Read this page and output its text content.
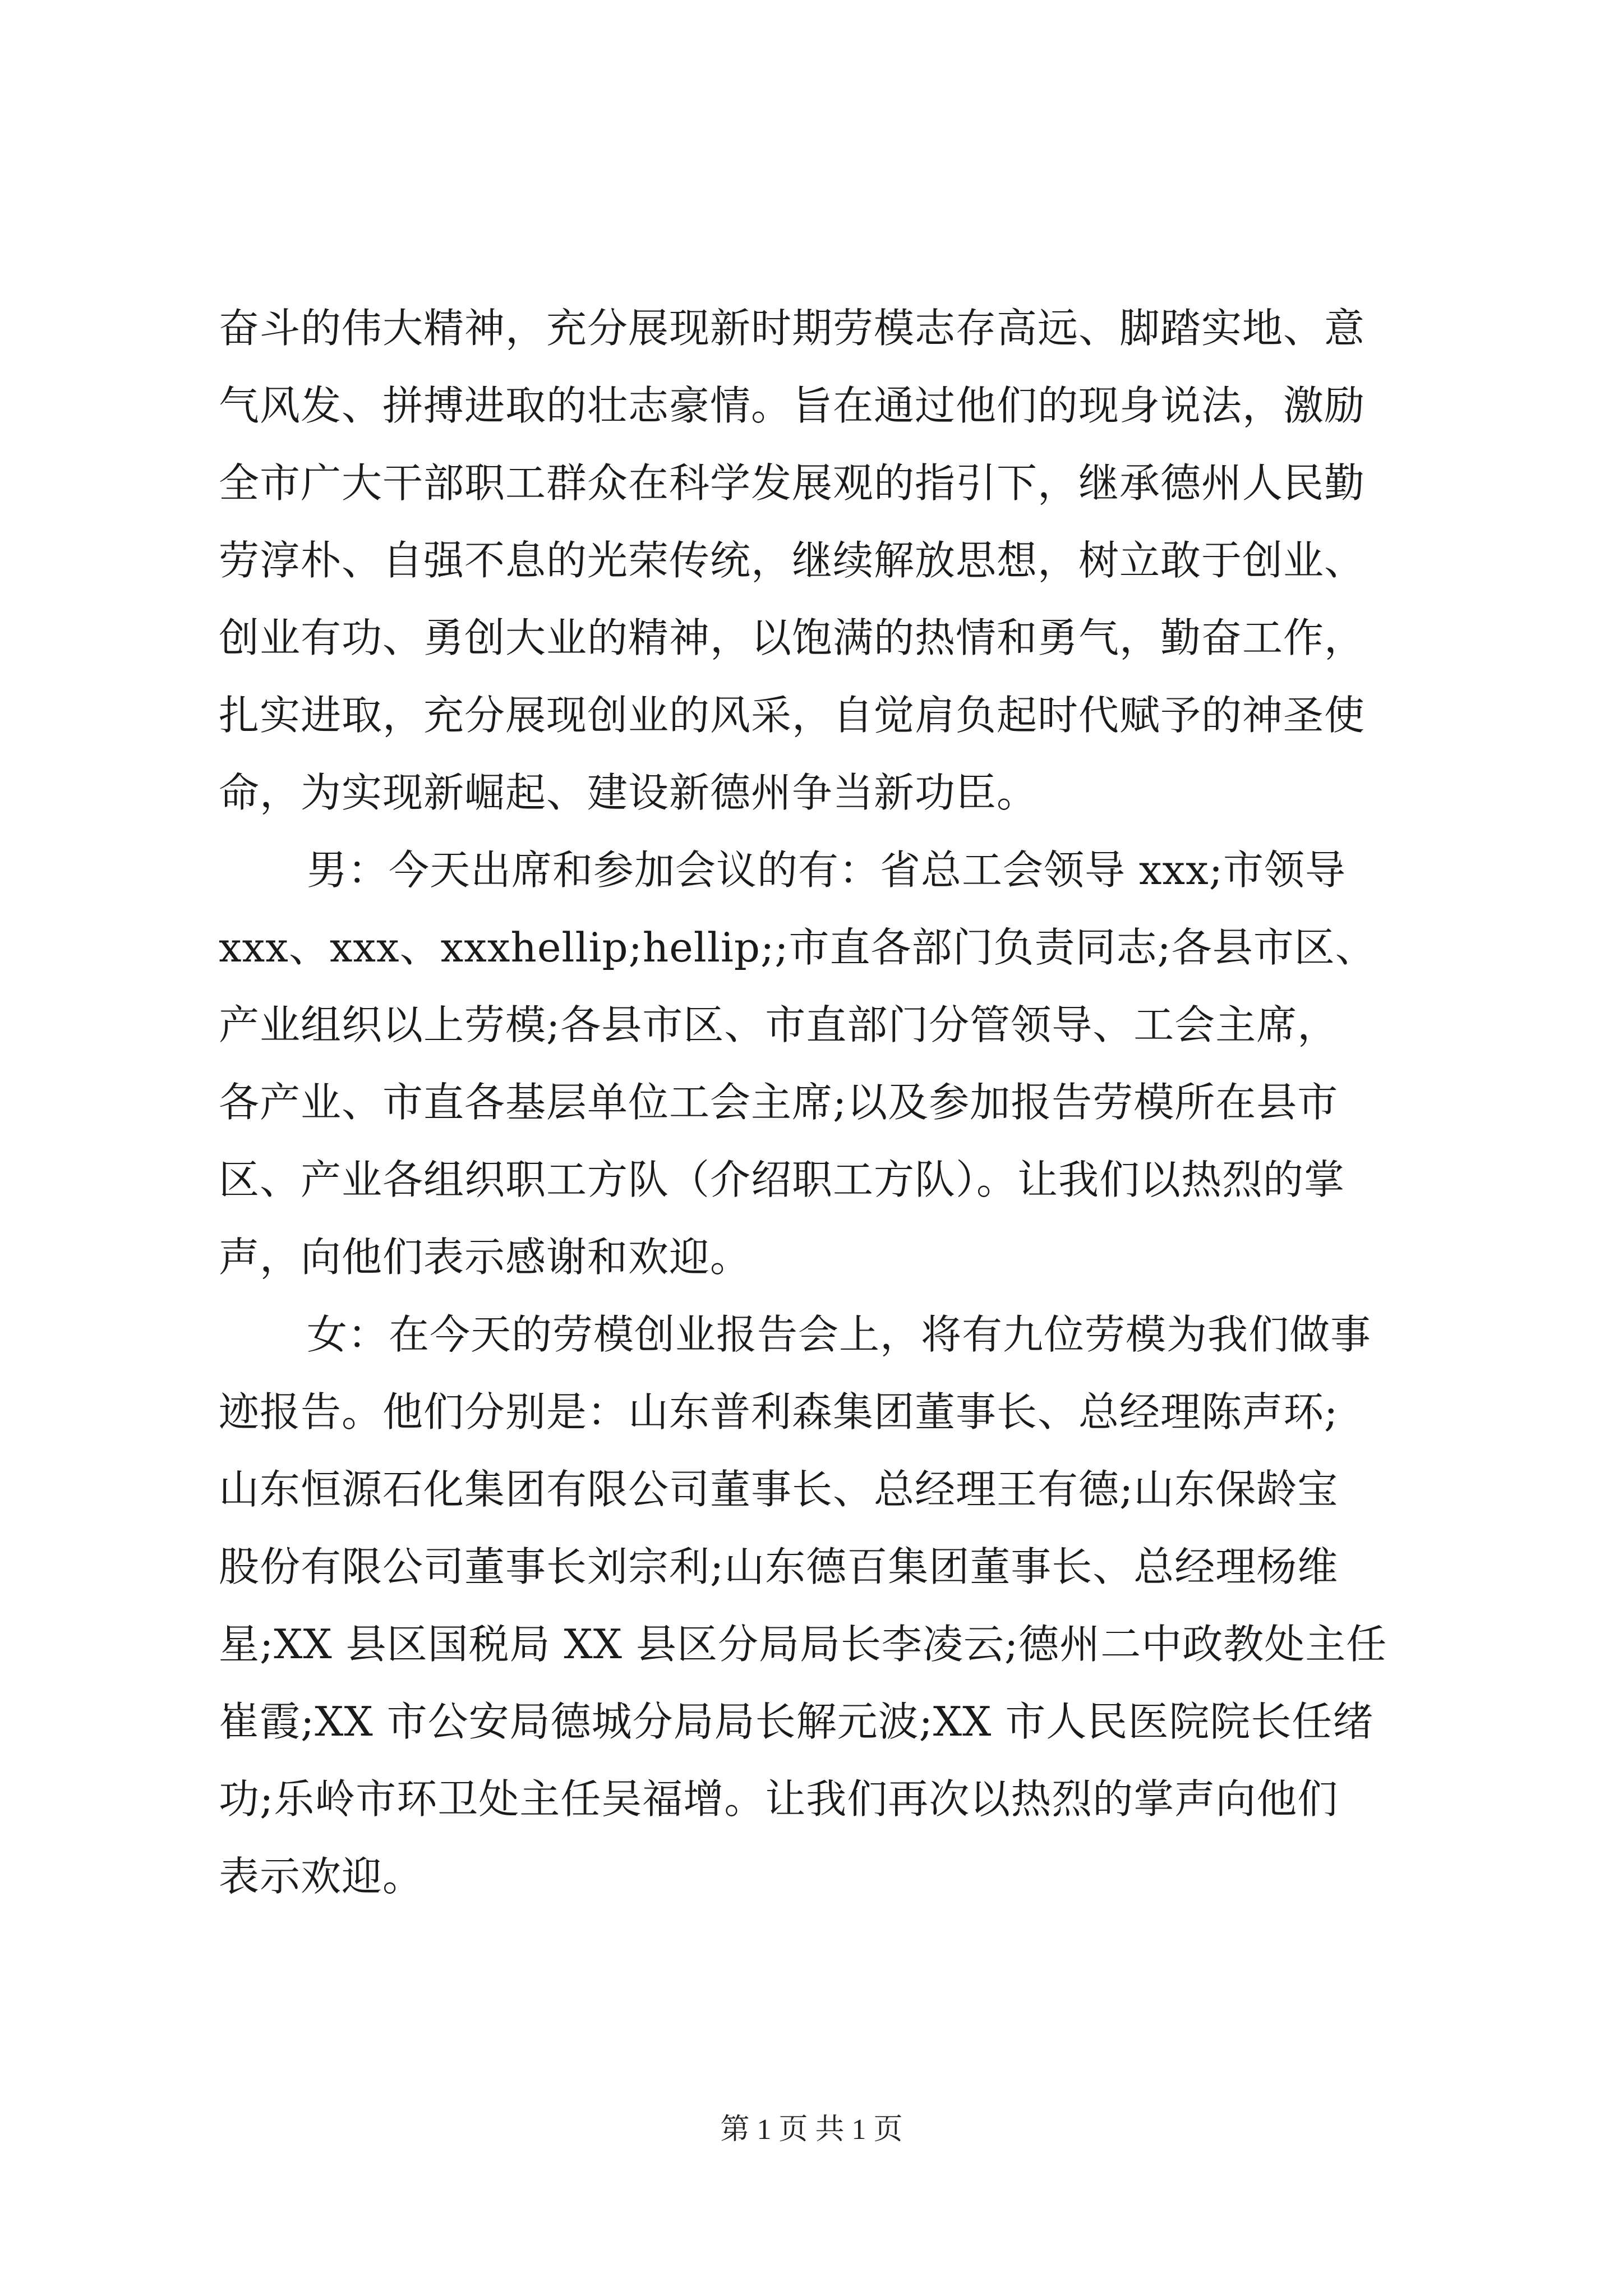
奋斗的伟大精神，充分展现新时期劳模志存高远、脚踏实地、意
气风发、拼搏进取的壮志豪情。旨在通过他们的现身说法，激励
全市广大干部职工群众在科学发展观的指引下，继承德州人民勤
劳淳朴、自强不息的光荣传统，继续解放思想，树立敢于创业、
创业有功、勇创大业的精神，以饱满的热情和勇气，勤奋工作，
扎实进取，充分展现创业的风采，自觉肩负起时代赋予的神圣使
命，为实现新崛起、建设新德州争当新功臣。
男：今天出席和参加会议的有：省总工会领导 xxx;市领导
xxx、xxx、xxxhellip;hellip;;市直各部门负责同志;各县市区、
产业组织以上劳模;各县市区、市直部门分管领导、工会主席，
各产业、市直各基层单位工会主席;以及参加报告劳模所在县市
区、产业各组织职工方队（介绍职工方队）。让我们以热烈的掌
声，向他们表示感谢和欢迎。
女：在今天的劳模创业报告会上，将有九位劳模为我们做事
迹报告。他们分别是：山东普利森集团董事长、总经理陈声环;
山东恒源石化集团有限公司董事长、总经理王有德;山东保龄宝
股份有限公司董事长刘宗利;山东德百集团董事长、总经理杨维
星;XX 县区国税局 XX 县区分局局长李凌云;德州二中政教处主任
崔霞;XX 市公安局德城分局局长解元波;XX 市人民医院院长任绪
功;乐岭市环卫处主任吴福增。让我们再次以热烈的掌声向他们
表示欢迎。
第 1 页 共 1 页
